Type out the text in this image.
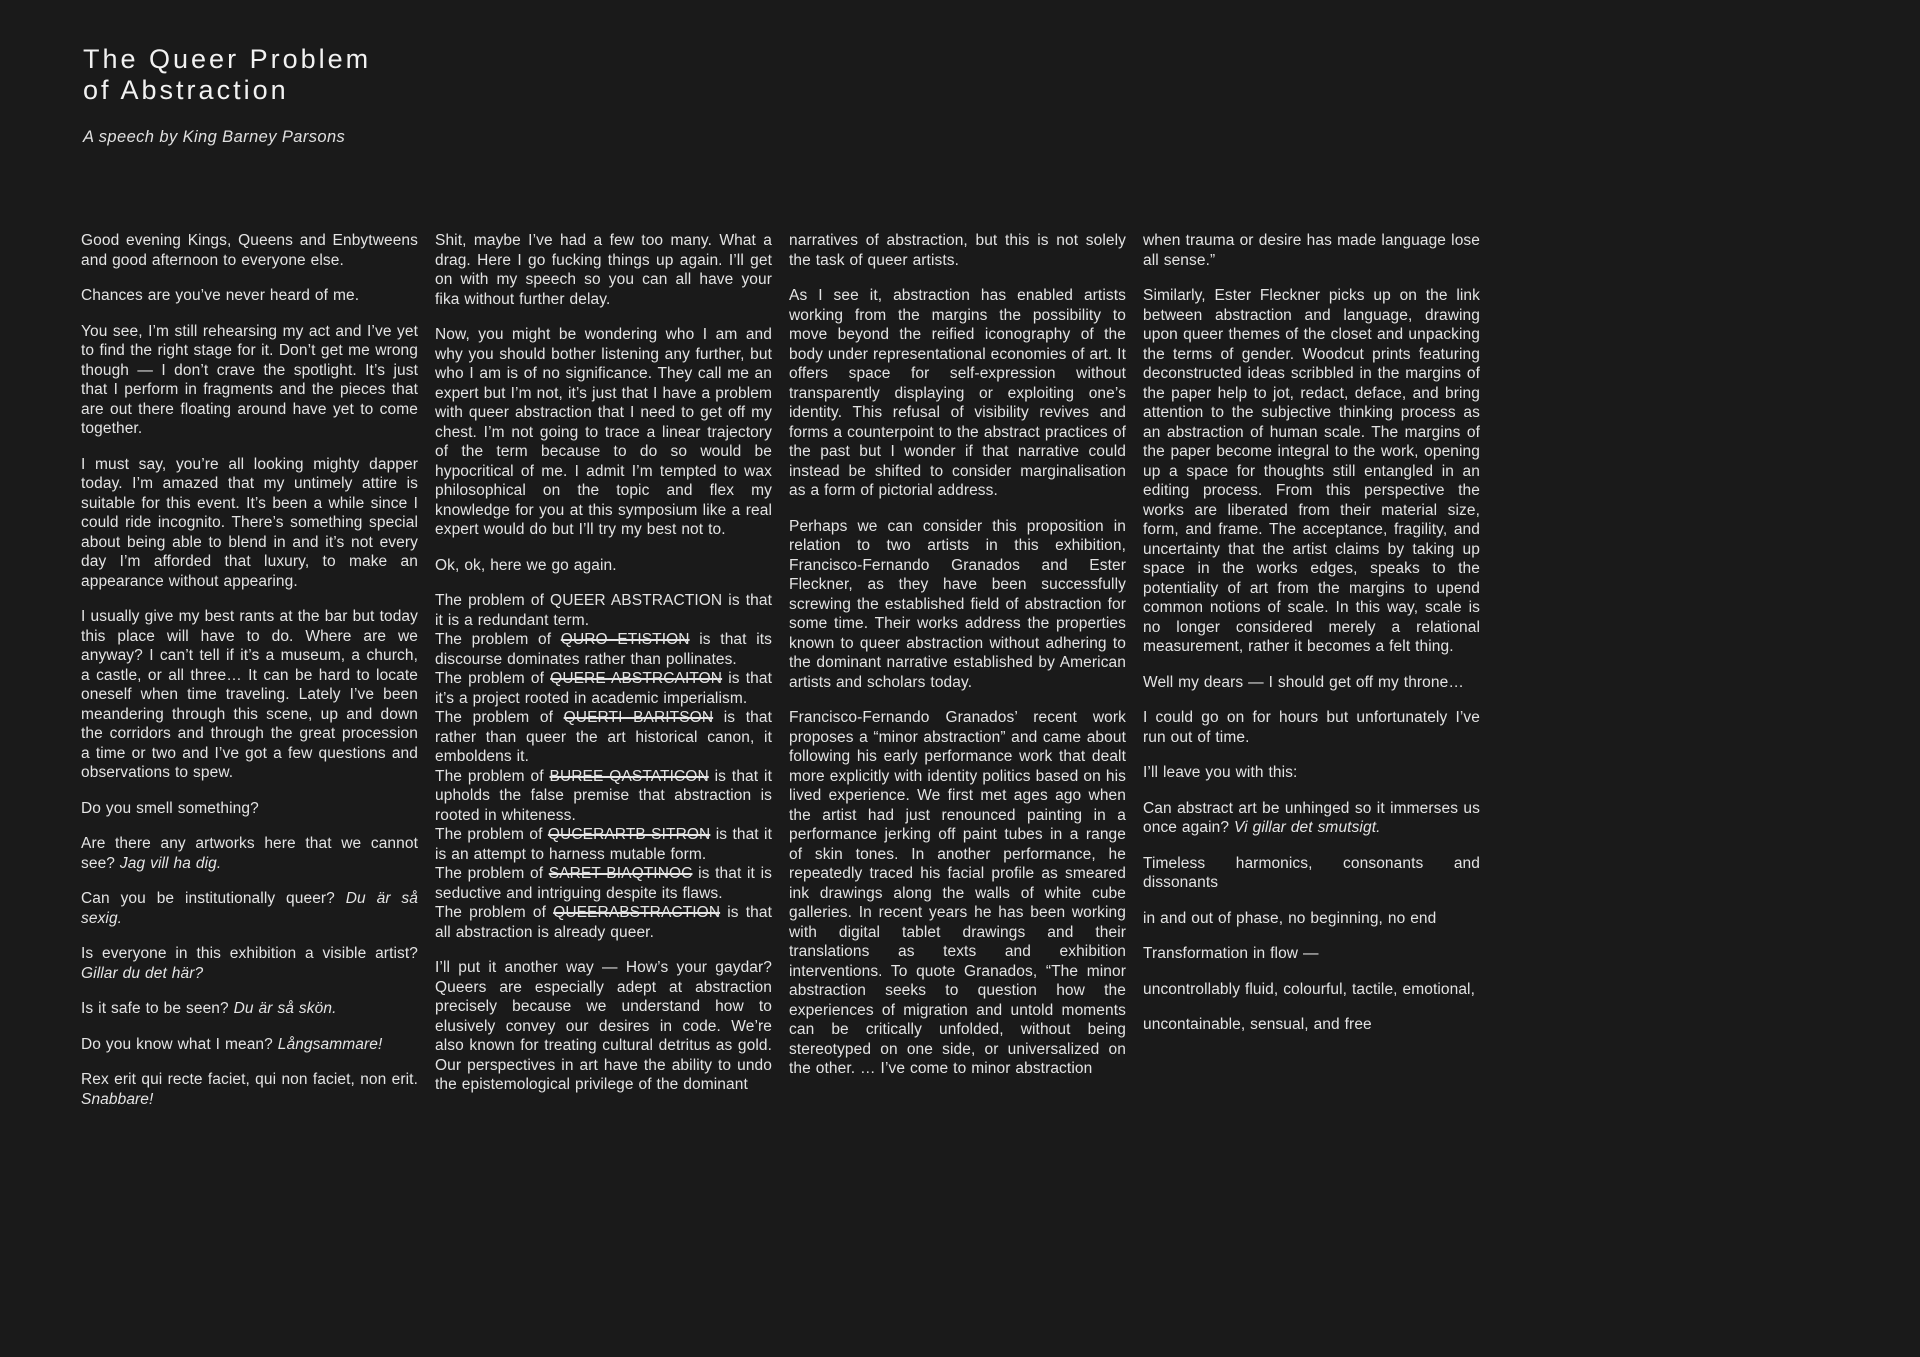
The Queer Problem
of Abstraction

A speech by King Barney Parsons

Good evening Kings, Queens and Enbytweens and good afternoon to everyone else.

Chances are you’ve never heard of me.

You see, I’m still rehearsing my act and I’ve yet to find the right stage for it. Don’t get me wrong though — I don’t crave the spotlight. It’s just that I perform in fragments and the pieces that are out there floating around have yet to come together.

I must say, you’re all looking mighty dapper today. I’m amazed that my untimely attire is suitable for this event. It’s been a while since I could ride incognito. There’s something special about being able to blend in and it’s not every day I’m afforded that luxury, to make an appearance without appearing.

I usually give my best rants at the bar but today this place will have to do. Where are we anyway? I can’t tell if it’s a museum, a church, a castle, or all three… It can be hard to locate oneself when time traveling. Lately I’ve been meandering through this scene, up and down the corridors and through the great procession a time or two and I’ve got a few questions and observations to spew.

Do you smell something?

Are there any artworks here that we cannot see? Jag vill ha dig.

Can you be institutionally queer? Du är så sexig.

Is everyone in this exhibition a visible artist? Gillar du det här?

Is it safe to be seen? Du är så skön.

Do you know what I mean? Långsammare!

Rex erit qui recte faciet, qui non faciet, non erit. Snabbare!

Shit, maybe I’ve had a few too many. What a drag. Here I go fucking things up again. I’ll get on with my speech so you can all have your fika without further delay.

Now, you might be wondering who I am and why you should bother listening any further, but who I am is of no significance. They call me an expert but I’m not, it’s just that I have a problem with queer abstraction that I need to get off my chest. I’m not going to trace a linear trajectory of the term because to do so would be hypocritical of me. I admit I’m tempted to wax philosophical on the topic and flex my knowledge for you at this symposium like a real expert would do but I’ll try my best not to.

Ok, ok, here we go again.

The problem of QUEER ABSTRACTION is that it is a redundant term.

The problem of QURO ETISTION is that its discourse dominates rather than pollinates.

The problem of QUERE ABSTRCAITON is that it’s a project rooted in academic imperialism.

The problem of QUERTI BARITSON is that rather than queer the art historical canon, it emboldens it.

The problem of BUREE QASTATICON is that it upholds the false premise that abstraction is rooted in whiteness.

The problem of QUCERARTB SITRON is that it is an attempt to harness mutable form.

The problem of SARET BIAQTINOC is that it is seductive and intriguing despite its flaws.

The problem of QUEERABSTRACTION is that all abstraction is already queer.

I’ll put it another way — How’s your gaydar? Queers are especially adept at abstraction precisely because we understand how to elusively convey our desires in code. We’re also known for treating cultural detritus as gold. Our perspectives in art have the ability to undo the epistemological privilege of the dominant

narratives of abstraction, but this is not solely the task of queer artists.

As I see it, abstraction has enabled artists working from the margins the possibility to move beyond the reified iconography of the body under representational economies of art. It offers space for self-expression without transparently displaying or exploiting one’s identity. This refusal of visibility revives and forms a counterpoint to the abstract practices of the past but I wonder if that narrative could instead be shifted to consider marginalisation as a form of pictorial address.

Perhaps we can consider this proposition in relation to two artists in this exhibition, Francisco-Fernando Granados and Ester Fleckner, as they have been successfully screwing the established field of abstraction for some time. Their works address the properties known to queer abstraction without adhering to the dominant narrative established by American artists and scholars today.

Francisco-Fernando Granados’ recent work proposes a “minor abstraction” and came about following his early performance work that dealt more explicitly with identity politics based on his lived experience. We first met ages ago when the artist had just renounced painting in a performance jerking off paint tubes in a range of skin tones. In another performance, he repeatedly traced his facial profile as smeared ink drawings along the walls of white cube galleries. In recent years he has been working with digital tablet drawings and their translations as texts and exhibition interventions. To quote Granados, “The minor abstraction seeks to question how the experiences of migration and untold moments can be critically unfolded, without being stereotyped on one side, or universalized on the other. … I’ve come to minor abstraction

when trauma or desire has made language lose all sense.”

Similarly, Ester Fleckner picks up on the link between abstraction and language, drawing upon queer themes of the closet and unpacking the terms of gender. Woodcut prints featuring deconstructed ideas scribbled in the margins of the paper help to jot, redact, deface, and bring attention to the subjective thinking process as an abstraction of human scale. The margins of the paper become integral to the work, opening up a space for thoughts still entangled in an editing process. From this perspective the works are liberated from their material size, form, and frame. The acceptance, fragility, and uncertainty that the artist claims by taking up space in the works edges, speaks to the potentiality of art from the margins to upend common notions of scale. In this way, scale is no longer considered merely a relational measurement, rather it becomes a felt thing.

Well my dears — I should get off my throne…

I could go on for hours but unfortunately I’ve run out of time.

I’ll leave you with this:

Can abstract art be unhinged so it immerses us once again? Vi gillar det smutsigt.

Timeless harmonics, consonants and dissonants

in and out of phase, no beginning, no end

Transformation in flow —

uncontrollably fluid, colourful, tactile, emotional,

uncontainable, sensual, and free
